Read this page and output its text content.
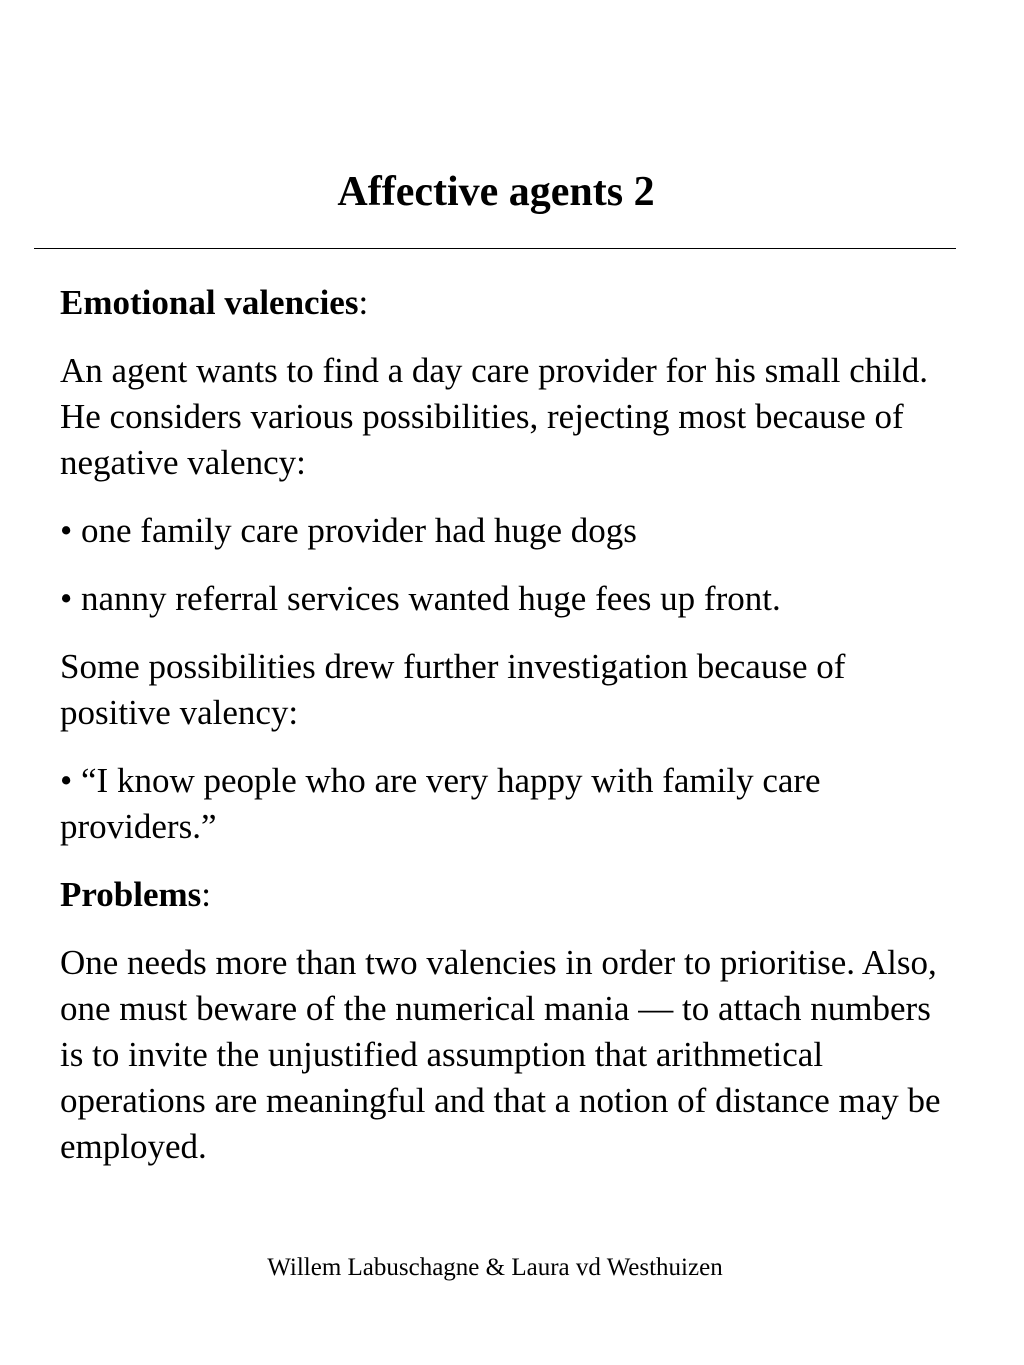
Affective agents 2

Emotional valencies:

An agent wants to find a day care provider for his small child. He considers various possibilities, rejecting most because of negative valency:

• one family care provider had huge dogs

• nanny referral services wanted huge fees up front.

Some possibilities drew further investigation because of positive valency:

• “I know people who are very happy with family care providers.”

Problems:

One needs more than two valencies in order to prioritise. Also, one must beware of the numerical mania — to attach numbers is to invite the unjustified assumption that arithmetical operations are meaningful and that a notion of distance may be employed.

Willem Labuschagne & Laura vd Westhuizen
